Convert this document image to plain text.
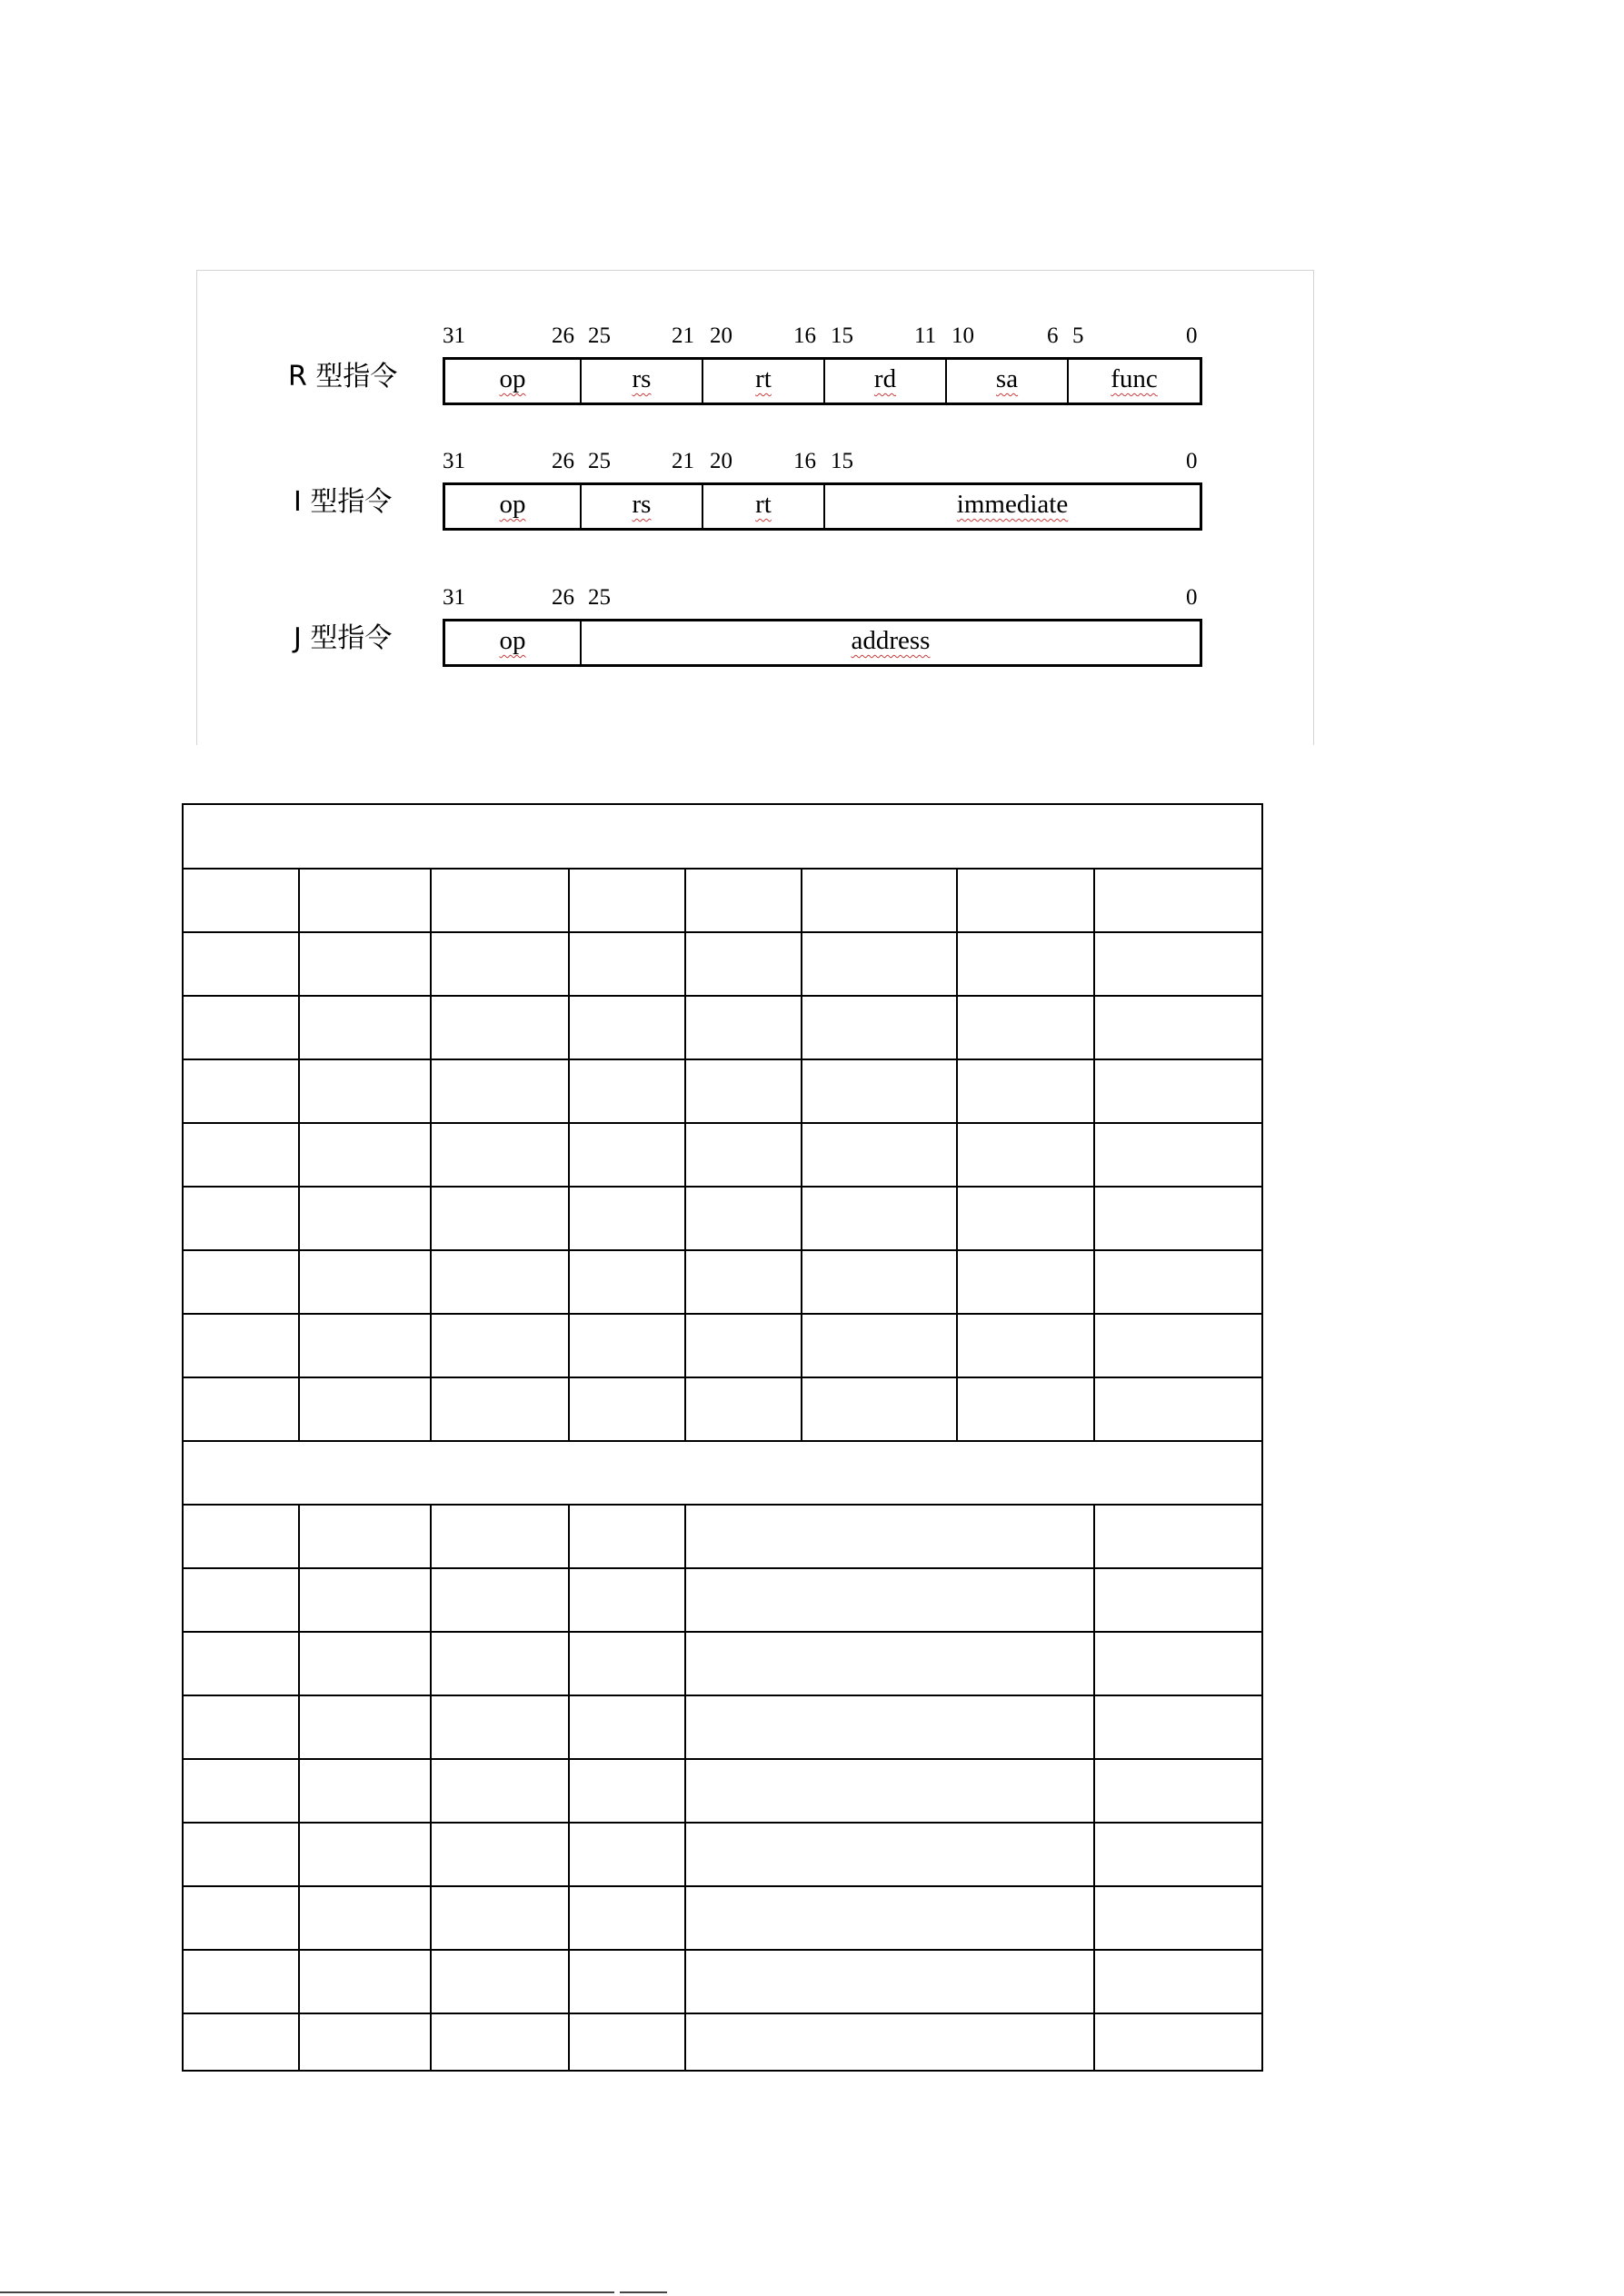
R 型指令
31	26 25	21 20	16 15	11 10	6 5	0
op	rs	rt	rd	sa	func
I 型指令
31	26 25	21 20	16 15	0
op	rs	rt	immediate
J 型指令
31	26 25	0
op	address
